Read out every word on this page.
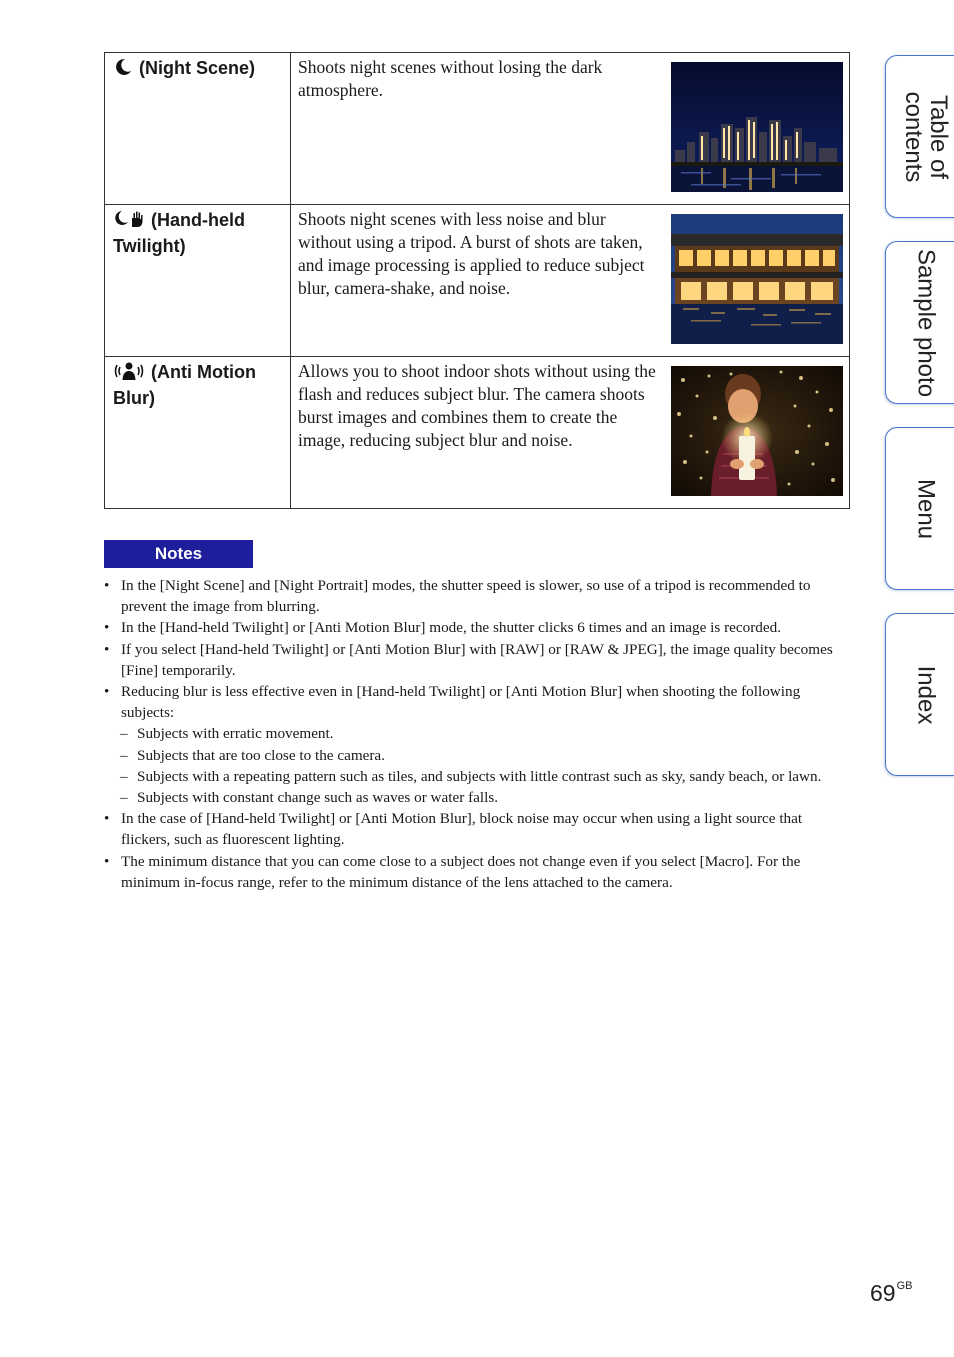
(Night Scene)	Shoots night scenes without losing the dark atmosphere.

(Hand-held Twilight)	Shoots night scenes with less noise and blur without using a tripod. A burst of shots are taken, and image processing is applied to reduce subject blur, camera-shake, and noise.

(Anti Motion Blur)	Allows you to shoot indoor shots without using the flash and reduces subject blur. The camera shoots burst images and combines them to create the image, reducing subject blur and noise.
Notes
• In the [Night Scene] and [Night Portrait] modes, the shutter speed is slower, so use of a tripod is recommended to prevent the image from blurring.
• In the [Hand-held Twilight] or [Anti Motion Blur] mode, the shutter clicks 6 times and an image is recorded.
• If you select [Hand-held Twilight] or [Anti Motion Blur] with [RAW] or [RAW & JPEG], the image quality becomes [Fine] temporarily.
• Reducing blur is less effective even in [Hand-held Twilight] or [Anti Motion Blur] when shooting the following subjects:
– Subjects with erratic movement.
– Subjects that are too close to the camera.
– Subjects with a repeating pattern such as tiles, and subjects with little contrast such as sky, sandy beach, or lawn.
– Subjects with constant change such as waves or water falls.
• In the case of [Hand-held Twilight] or [Anti Motion Blur], block noise may occur when using a light source that flickers, such as fluorescent lighting.
• The minimum distance that you can come close to a subject does not change even if you select [Macro]. For the minimum in-focus range, refer to the minimum distance of the lens attached to the camera.
Table of
contents
Sample photo
Menu
Index
$69^{GB}$
